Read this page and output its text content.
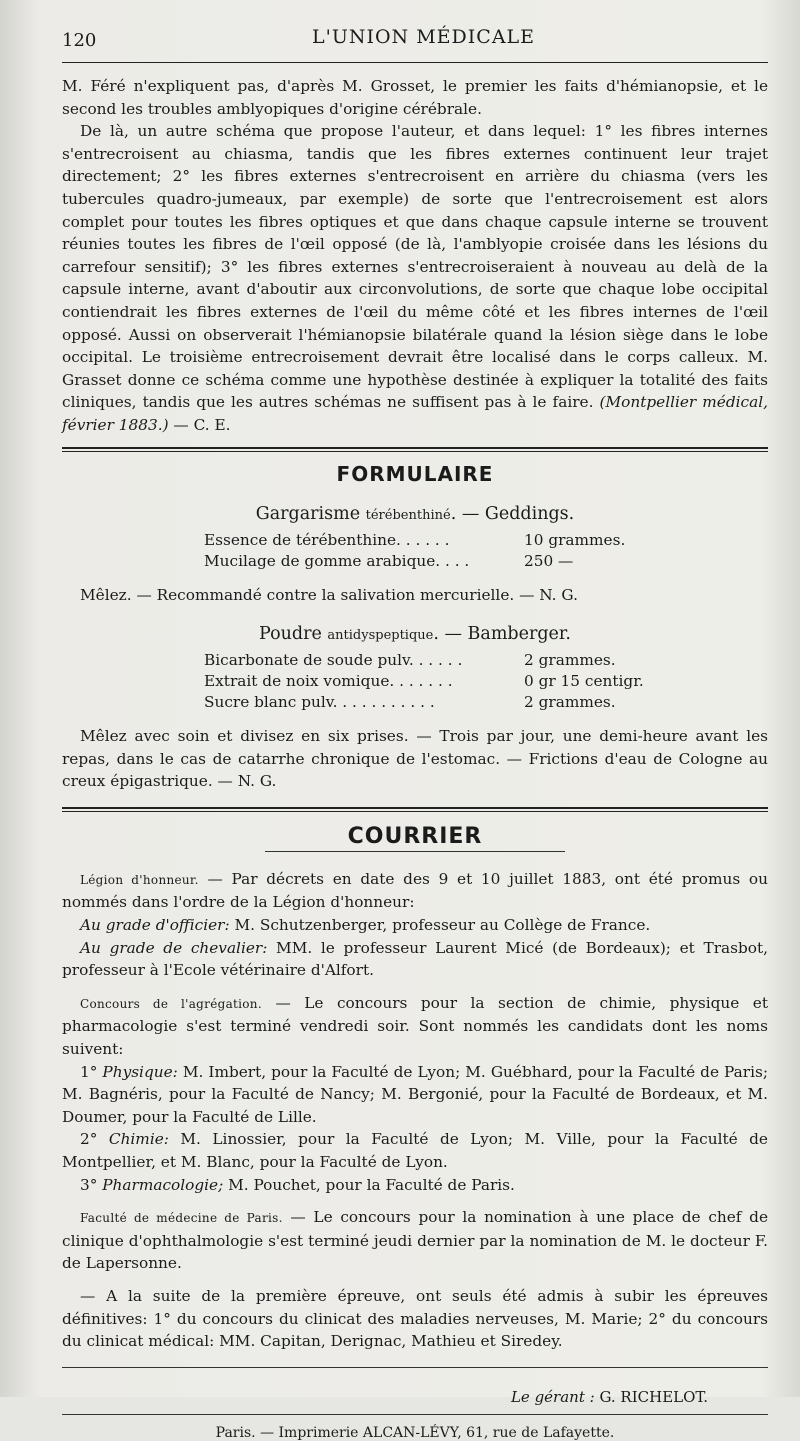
120	L'UNION MÉDICALE

M. Féré n'expliquent pas, d'après M. Grosset, le premier les faits d'hémianopsie, et le second les troubles amblyopiques d'origine cérébrale.

De là, un autre schéma que propose l'auteur, et dans lequel: 1° les fibres internes s'entrecroisent au chiasma, tandis que les fibres externes continuent leur trajet directement; 2° les fibres externes s'entrecroisent en arrière du chiasma (vers les tubercules quadro-jumeaux, par exemple) de sorte que l'entrecroisement est alors complet pour toutes les fibres optiques et que dans chaque capsule interne se trouvent réunies toutes les fibres de l'œil opposé (de là, l'amblyopie croisée dans les lésions du carrefour sensitif); 3° les fibres externes s'entrecroiseraient à nouveau au delà de la capsule interne, avant d'aboutir aux circonvolutions, de sorte que chaque lobe occipital contiendrait les fibres externes de l'œil du même côté et les fibres internes de l'œil opposé. Aussi on observerait l'hémianopsie bilatérale quand la lésion siège dans le lobe occipital. Le troisième entrecroisement devrait être localisé dans le corps calleux. M. Grasset donne ce schéma comme une hypothèse destinée à expliquer la totalité des faits cliniques, tandis que les autres schémas ne suffisent pas à le faire. (Montpellier médical, février 1883.) — C. E.

FORMULAIRE
Gargarisme térébenthiné. — Geddings.
Essence de térébenthine. . . . . .	10 grammes.
Mucilage de gomme arabique. . . .	250 —

Mêlez. — Recommandé contre la salivation mercurielle. — N. G.

Poudre antidyspeptique. — Bamberger.
Bicarbonate de soude pulv. . . . . .	2 grammes.
Extrait de noix vomique. . . . . . .	0 gr 15 centigr.
Sucre blanc pulv. . . . . . . . . . .	2 grammes.

Mêlez avec soin et divisez en six prises. — Trois par jour, une demi-heure avant les repas, dans le cas de catarrhe chronique de l'estomac. — Frictions d'eau de Cologne au creux épigastrique. — N. G.

COURRIER

Légion d'honneur. — Par décrets en date des 9 et 10 juillet 1883, ont été promus ou nommés dans l'ordre de la Légion d'honneur:

Au grade d'officier: M. Schutzenberger, professeur au Collège de France.

Au grade de chevalier: MM. le professeur Laurent Micé (de Bordeaux); et Trasbot, professeur à l'Ecole vétérinaire d'Alfort.

Concours de l'agrégation. — Le concours pour la section de chimie, physique et pharmacologie s'est terminé vendredi soir. Sont nommés les candidats dont les noms suivent:

1° Physique: M. Imbert, pour la Faculté de Lyon; M. Guébhard, pour la Faculté de Paris; M. Bagnéris, pour la Faculté de Nancy; M. Bergonié, pour la Faculté de Bordeaux, et M. Doumer, pour la Faculté de Lille.

2° Chimie: M. Linossier, pour la Faculté de Lyon; M. Ville, pour la Faculté de Montpellier, et M. Blanc, pour la Faculté de Lyon.

3° Pharmacologie; M. Pouchet, pour la Faculté de Paris.

Faculté de médecine de Paris. — Le concours pour la nomination à une place de chef de clinique d'ophthalmologie s'est terminé jeudi dernier par la nomination de M. le docteur F. de Lapersonne.

— A la suite de la première épreuve, ont seuls été admis à subir les épreuves définitives: 1° du concours du clinicat des maladies nerveuses, M. Marie; 2° du concours du clinicat médical: MM. Capitan, Derignac, Mathieu et Siredey.

Le gérant : G. RICHELOT.
Paris. — Imprimerie ALCAN-LÉVY, 61, rue de Lafayette.
